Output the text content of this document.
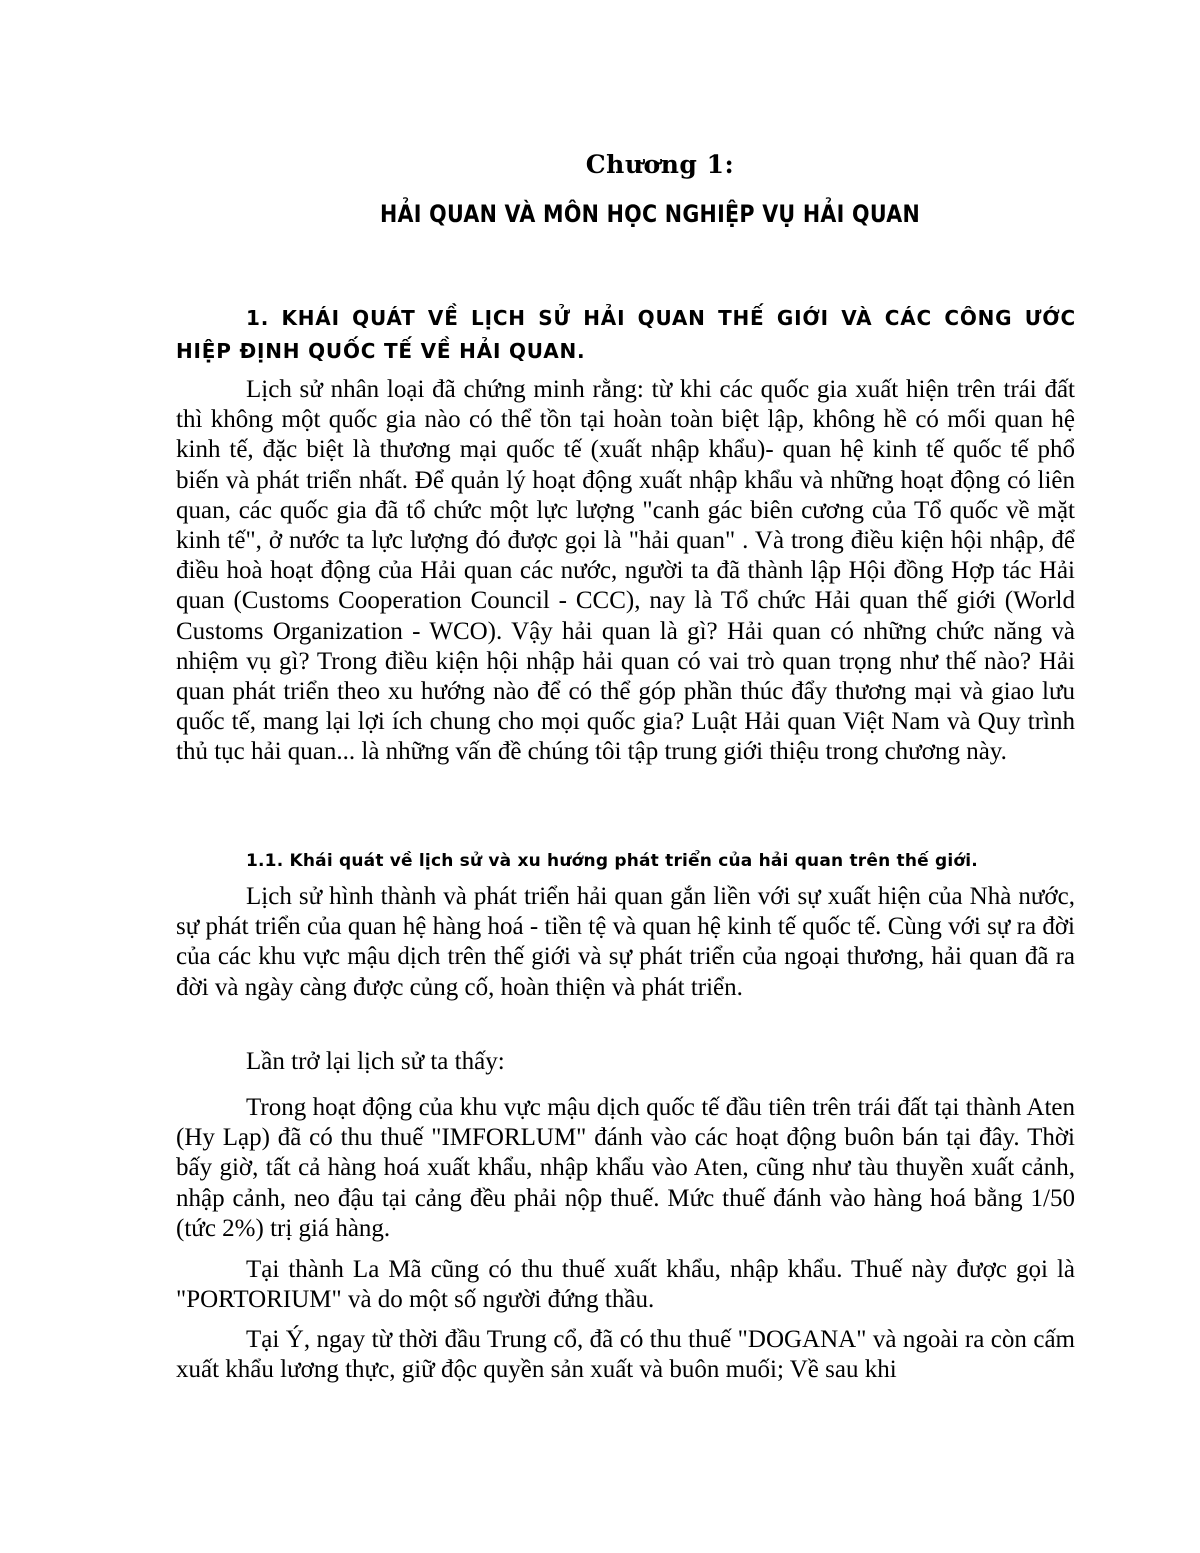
Chương 1:
HẢI QUAN VÀ MÔN HỌC NGHIỆP VỤ HẢI QUAN
1. KHÁI QUÁT VỀ LỊCH SỬ HẢI QUAN THẾ GIỚI VÀ CÁC CÔNG ƯỚC HIỆP ĐỊNH QUỐC TẾ VỀ HẢI QUAN.

Lịch sử nhân loại đã chứng minh rằng: từ khi các quốc gia xuất hiện trên trái đất thì không một quốc gia nào có thể tồn tại hoàn toàn biệt lập, không hề có mối quan hệ kinh tế, đặc biệt là thương mại quốc tế (xuất nhập khẩu)- quan hệ kinh tế quốc tế phổ biến và phát triển nhất. Để quản lý hoạt động xuất nhập khẩu và những hoạt động có liên quan, các quốc gia đã tổ chức một lực lượng "canh gác biên cương của Tổ quốc về mặt kinh tế", ở nước ta lực lượng đó được gọi là "hải quan" . Và trong điều kiện hội nhập, để điều hoà hoạt động của Hải quan các nước, người ta đã thành lập Hội đồng Hợp tác Hải quan (Customs Cooperation Council - CCC), nay là Tổ chức Hải quan thế giới (World Customs Organization - WCO). Vậy hải quan là gì? Hải quan có những chức năng và nhiệm vụ gì? Trong điều kiện hội nhập hải quan có vai trò quan trọng như thế nào? Hải quan phát triển theo xu hướng nào để có thể góp phần thúc đẩy thương mại và giao lưu quốc tế, mang lại lợi ích chung cho mọi quốc gia? Luật Hải quan Việt Nam và Quy trình thủ tục hải quan... là những vấn đề chúng tôi tập trung giới thiệu trong chương này.

1.1. Khái quát về lịch sử và xu hướng phát triển của hải quan trên thế giới.

Lịch sử hình thành và phát triển hải quan gắn liền với sự xuất hiện của Nhà nước, sự phát triển của quan hệ hàng hoá - tiền tệ và quan hệ kinh tế quốc tế. Cùng với sự ra đời của các khu vực mậu dịch trên thế giới và sự phát triển của ngoại thương, hải quan đã ra đời và ngày càng được củng cố, hoàn thiện và phát triển.

Lần trở lại lịch sử ta thấy:

Trong hoạt động của khu vực mậu dịch quốc tế đầu tiên trên trái đất tại thành Aten (Hy Lạp) đã có thu thuế "IMFORLUM" đánh vào các hoạt động buôn bán tại đây. Thời bấy giờ, tất cả hàng hoá xuất khẩu, nhập khẩu vào Aten, cũng như tàu thuyền xuất cảnh, nhập cảnh, neo đậu tại cảng đều phải nộp thuế. Mức thuế đánh vào hàng hoá bằng 1/50 (tức 2%) trị giá hàng.

Tại thành La Mã cũng có thu thuế xuất khẩu, nhập khẩu. Thuế này được gọi là "PORTORIUM" và do một số người đứng thầu.

Tại Ý, ngay từ thời đầu Trung cổ, đã có thu thuế "DOGANA" và ngoài ra còn cấm xuất khẩu lương thực, giữ độc quyền sản xuất và buôn muối; Về sau khi
